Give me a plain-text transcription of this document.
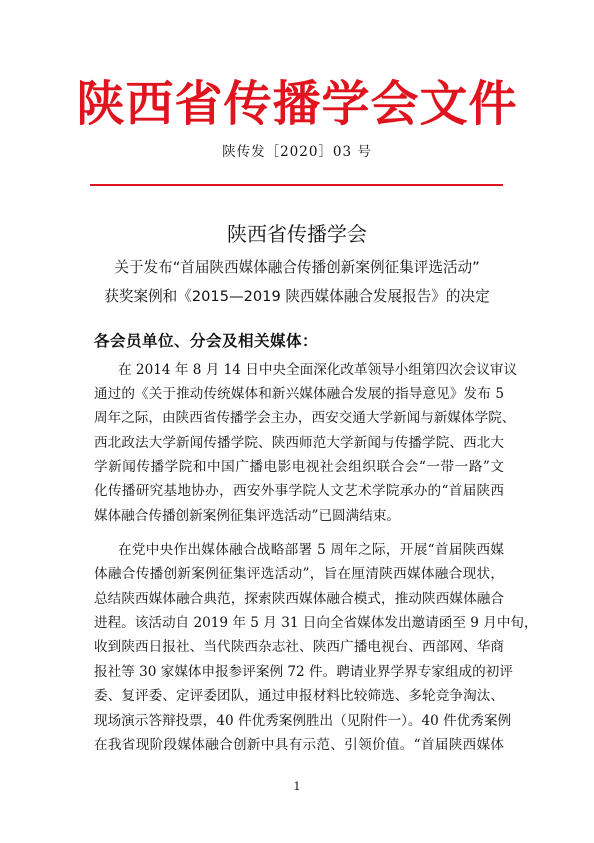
陕西省传播学会文件
陕传发［2020］03 号
陕西省传播学会
关于发布“首届陕西媒体融合传播创新案例征集评选活动”
获奖案例和《2015—2019 陕西媒体融合发展报告》的决定
各会员单位、分会及相关媒体：
在 2014 年 8 月 14 日中央全面深化改革领导小组第四次会议审议
通过的《关于推动传统媒体和新兴媒体融合发展的指导意见》发布 5
周年之际，由陕西省传播学会主办，西安交通大学新闻与新媒体学院、
西北政法大学新闻传播学院、陕西师范大学新闻与传播学院、西北大
学新闻传播学院和中国广播电影电视社会组织联合会“一带一路”文
化传播研究基地协办，西安外事学院人文艺术学院承办的“首届陕西
媒体融合传播创新案例征集评选活动”已圆满结束。
在党中央作出媒体融合战略部署 5 周年之际，开展“首届陕西媒
体融合传播创新案例征集评选活动”，旨在厘清陕西媒体融合现状，
总结陕西媒体融合典范，探索陕西媒体融合模式，推动陕西媒体融合
进程。该活动自 2019 年 5 月 31 日向全省媒体发出邀请函至 9 月中旬，
收到陕西日报社、当代陕西杂志社、陕西广播电视台、西部网、华商
报社等 30 家媒体申报参评案例 72 件。聘请业界学界专家组成的初评
委、复评委、定评委团队，通过申报材料比较筛选、多轮竞争淘汰、
现场演示答辩投票，40 件优秀案例胜出（见附件一）。40 件优秀案例
在我省现阶段媒体融合创新中具有示范、引领价值。“首届陕西媒体
1
